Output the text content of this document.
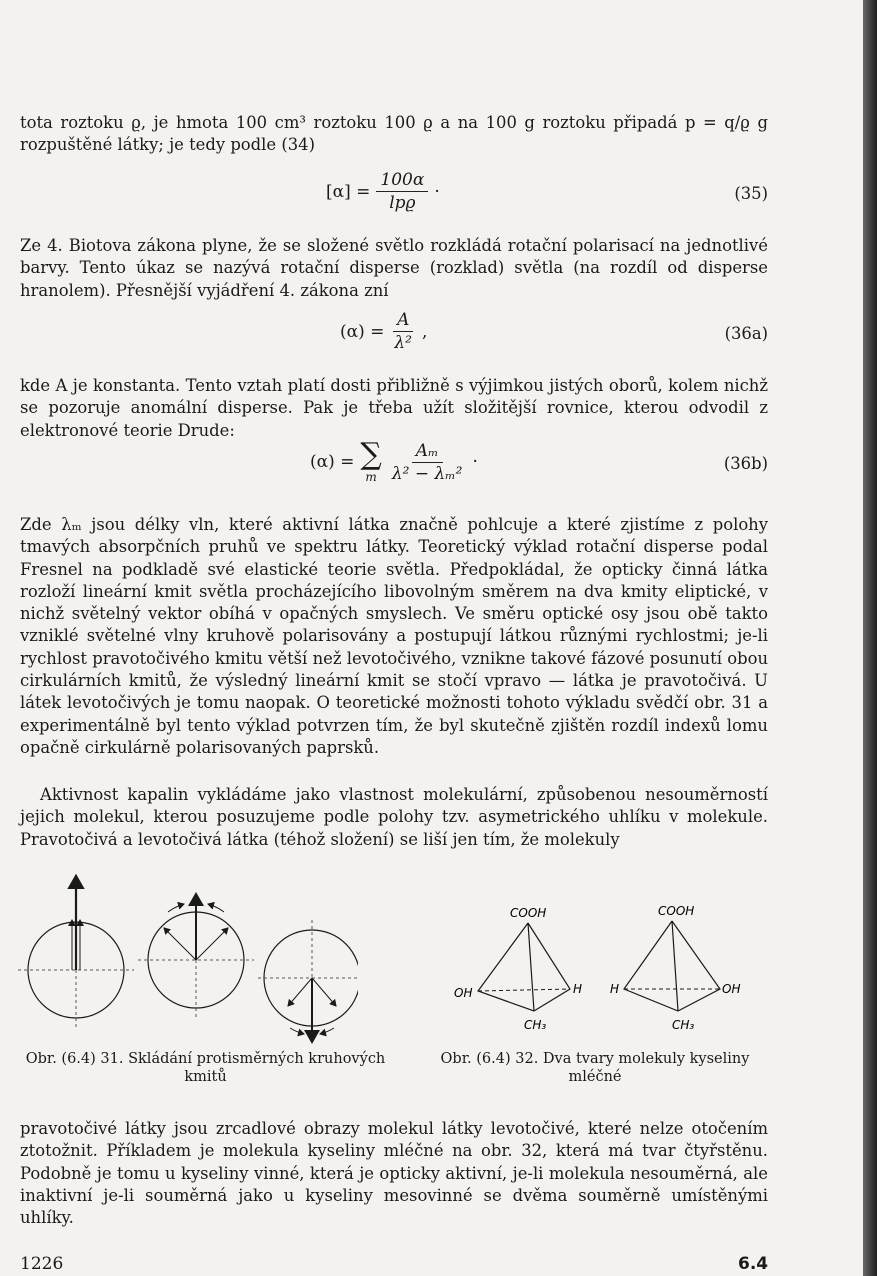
tota roztoku ϱ, je hmota 100 cm³ roztoku 100 ϱ a na 100 g roztoku připadá p = q/ϱ g rozpuštěné látky; je tedy podle (34)

$[\alpha] = \frac{100\alpha}{\text{lpϱ}}$ ·	(35)

Ze 4. Biotova zákona plyne, že se složené světlo rozkládá rotační polarisací na jednotlivé barvy. Tento úkaz se nazývá rotační disperse (rozklad) světla (na rozdíl od disperse hranolem). Přesnější vyjádření 4. zákona zní

$(\alpha) = \frac{A}{\text{λ²}}$ ,	(36a)

kde A je konstanta. Tento vztah platí dosti přibližně s výjimkou jistých oborů, kolem nichž se pozoruje anomální disperse. Pak je třeba užít složitější rovnice, kterou odvodil z elektronové teorie Drude:

(α) = ∑
m $\frac{\text{Aₘ}}{\text{λ² − λₘ²}}$ ·	(36b)

Zde λₘ jsou délky vln, které aktivní látka značně pohlcuje a které zjistíme z polohy tmavých absorpčních pruhů ve spektru látky. Teoretický výklad rotační disperse podal Fresnel na podkladě své elastické teorie světla. Předpokládal, že opticky činná látka rozloží lineární kmit světla procházejícího libovolným směrem na dva kmity eliptické, v nichž světelný vektor obíhá v opačných smyslech. Ve směru optické osy jsou obě takto vzniklé světelné vlny kruhově polarisovány a postupují látkou různými rychlostmi; je-li rychlost pravotočivého kmitu větší než levotočivého, vznikne takové fázové posunutí obou cirkulárních kmitů, že výsledný lineární kmit se stočí vpravo — látka je pravotočivá. U látek levotočivých je tomu naopak. O teoretické možnosti tohoto výkladu svědčí obr. 31 a experimentálně byl tento výklad potvrzen tím, že byl skutečně zjištěn rozdíl indexů lomu opačně cirkulárně polarisovaných paprsků.

Aktivnost kapalin vykládáme jako vlastnost molekulární, způsobenou nesouměrností jejich molekul, kterou posuzujeme podle polohy tzv. asymetrického uhlíku v molekule. Pravotočivá a levotočivá látka (téhož složení) se liší jen tím, že molekuly

Obr. (6.4) 31. Skládání protisměrných kruhových kmitů
COOH
OH	H
CH₃
COOH
H	OH
CH₃
Obr. (6.4) 32. Dva tvary molekuly kyseliny mléčné

pravotočivé látky jsou zrcadlové obrazy molekul látky levotočivé, které nelze otočením ztotožnit. Příkladem je molekula kyseliny mléčné na obr. 32, která má tvar čtyřstěnu. Podobně je tomu u kyseliny vinné, která je opticky aktivní, je-li molekula nesouměrná, ale inaktivní je-li souměrná jako u kyseliny mesovinné se dvěma souměrně umístěnými uhlíky.

1226	6.4
